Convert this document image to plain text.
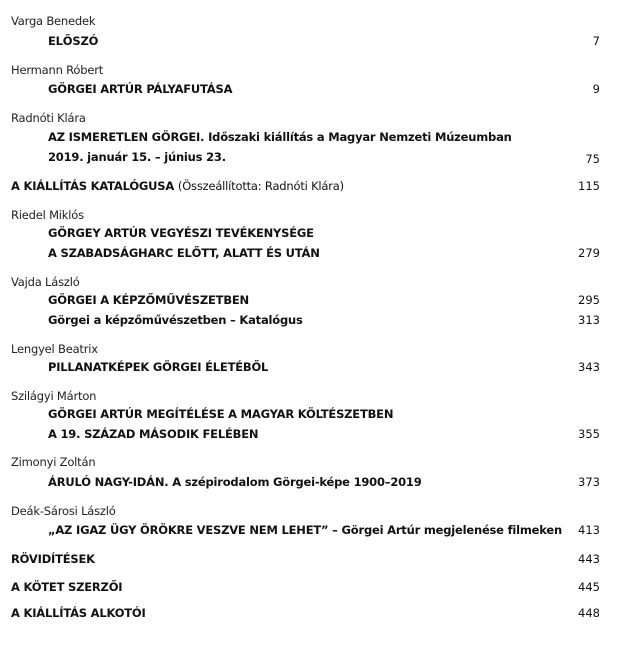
Varga Benedek
ELŐSZÓ	7
Hermann Róbert
GÖRGEI ARTÚR PÁLYAFUTÁSA	9
Radnóti Klára
AZ ISMERETLEN GÖRGEI. Időszaki kiállítás a Magyar Nemzeti Múzeumban
2019. január 15. – június 23.	75
A KIÁLLÍTÁS KATALÓGUSA (Összeállította: Radnóti Klára)	115
Riedel Miklós
GÖRGEY ARTÚR VEGYÉSZI TEVÉKENYSÉGE
A SZABADSÁGHARC ELŐTT, ALATT ÉS UTÁN	279
Vajda László
GÖRGEI A KÉPZŐMŰVÉSZETBEN	295
Görgei a képzőművészetben – Katalógus	313
Lengyel Beatrix
PILLANATKÉPEK GÖRGEI ÉLETÉBŐL	343
Szilágyi Márton
GÖRGEI ARTÚR MEGÍTÉLÉSE A MAGYAR KÖLTÉSZETBEN
A 19. SZÁZAD MÁSODIK FELÉBEN	355
Zimonyi Zoltán
ÁRULÓ NAGY-IDÁN. A szépirodalom Görgei-képe 1900–2019	373
Deák-Sárosi László
„AZ IGAZ ÜGY ÖRÖKRE VESZVE NEM LEHET” – Görgei Artúr megjelenése filmeken	413
RÖVIDÍTÉSEK	443
A KÖTET SZERZŐI	445
A KIÁLLÍTÁS ALKOTÓI	448
